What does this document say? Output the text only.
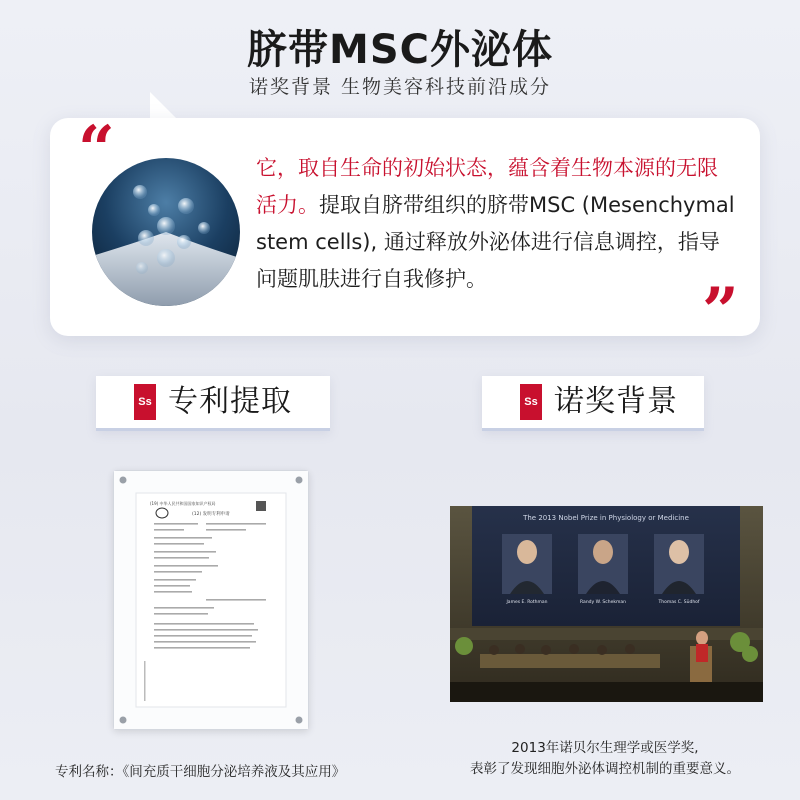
脐带MSC外泌体
诺奖背景 生物美容科技前沿成分
“
”
它，取自生命的初始状态，蕴含着生物本源的无限活力。提取自脐带组织的脐带MSC (Mesenchymal stem cells), 通过释放外泌体进行信息调控，指导问题肌肤进行自我修护。
Ss 专利提取	Ss 诺奖背景
(19) 中华人民共和国国家知识产权局
(12) 发明专利申请	The 2013 Nobel Prize in Physiology or Medicine
James E. Rothman	Randy W. Schekman	Thomas C. Südhof
专利名称：《间充质干细胞分泌培养液及其应用》
2013年诺贝尔生理学或医学奖,
表彰了发现细胞外泌体调控机制的重要意义。
